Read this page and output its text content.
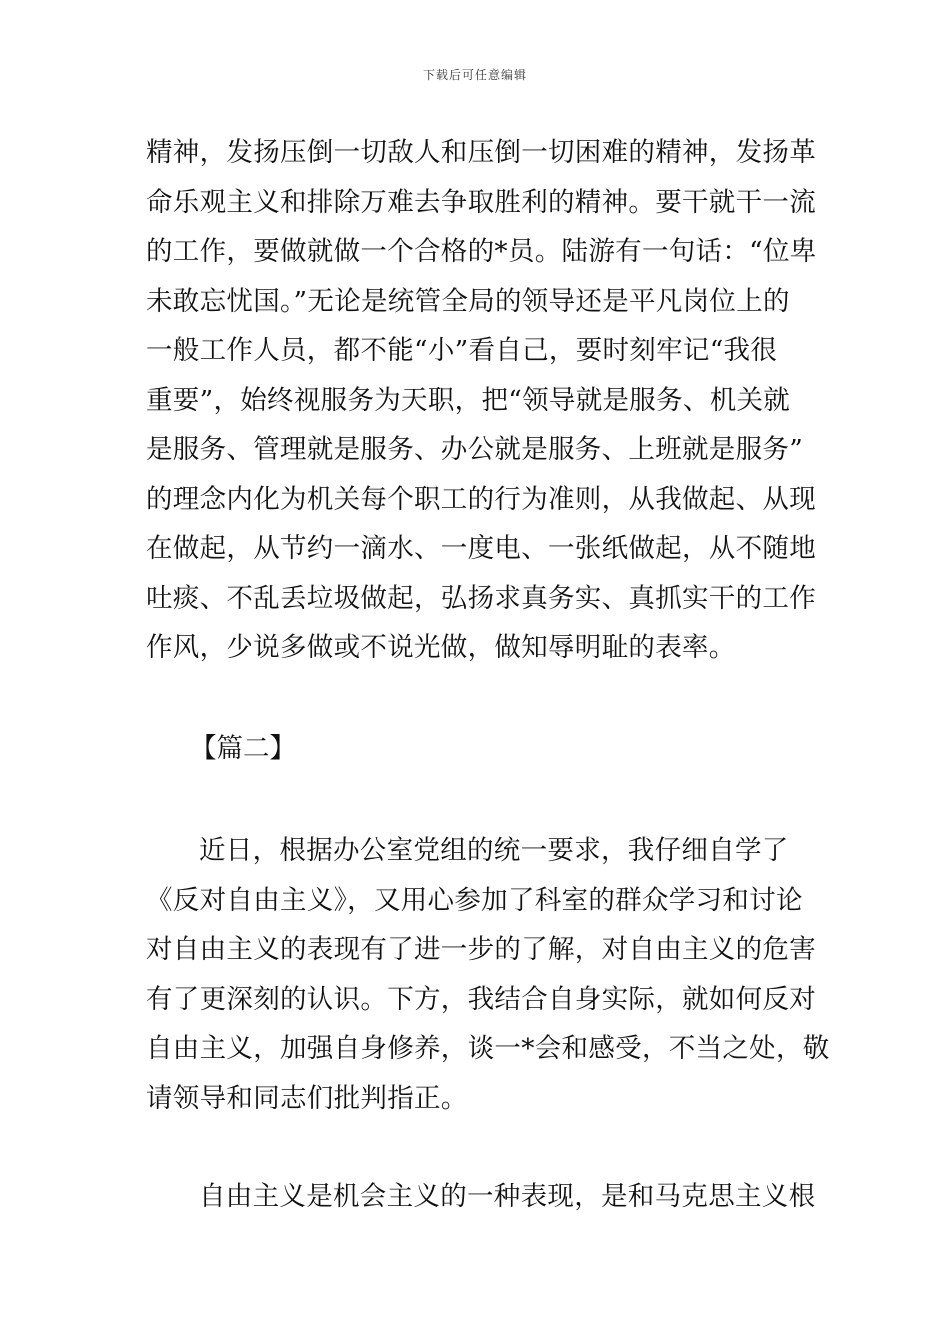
下载后可任意编辑
精神，发扬压倒一切敌人和压倒一切困难的精神，发扬革
命乐观主义和排除万难去争取胜利的精神。要干就干一流
的工作，要做就做一个合格的*员。陆游有一句话：“位卑
未敢忘忧国。”无论是统管全局的领导还是平凡岗位上的
一般工作人员，都不能“小”看自己，要时刻牢记“我很
重要”，始终视服务为天职，把“领导就是服务、机关就
是服务、管理就是服务、办公就是服务、上班就是服务”
的理念内化为机关每个职工的行为准则，从我做起、从现
在做起，从节约一滴水、一度电、一张纸做起，从不随地
吐痰、不乱丢垃圾做起，弘扬求真务实、真抓实干的工作
作风，少说多做或不说光做，做知辱明耻的表率。
【篇二】
近日，根据办公室党组的统一要求，我仔细自学了
《反对自由主义》，又用心参加了科室的群众学习和讨论
对自由主义的表现有了进一步的了解，对自由主义的危害
有了更深刻的认识。下方，我结合自身实际，就如何反对
自由主义，加强自身修养，谈一*会和感受，不当之处，敬
请领导和同志们批判指正。
自由主义是机会主义的一种表现，是和马克思主义根
